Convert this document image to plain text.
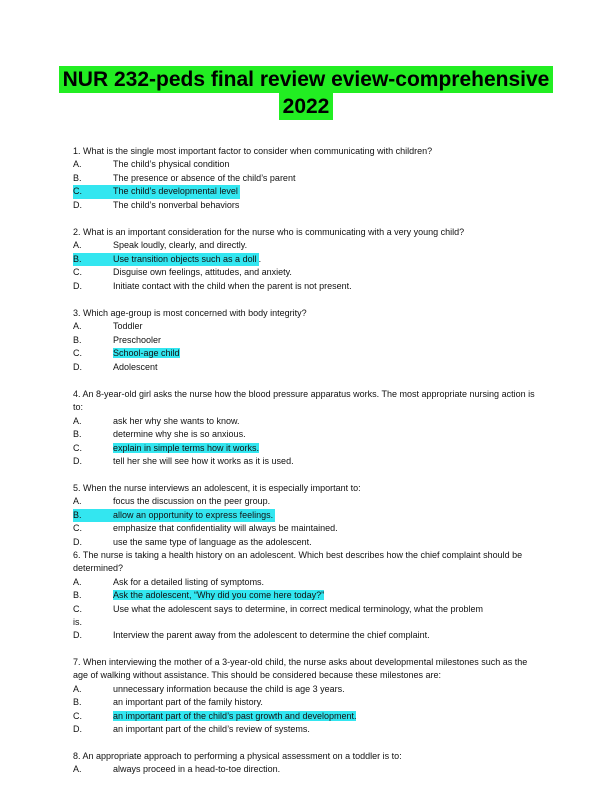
NUR 232-peds final review eview-comprehensive
2022

1. What is the single most important factor to consider when communicating with children?

A.	The child’s physical condition
B.	The presence or absence of the child’s parent
C.	The child’s developmental level
D.	The child’s nonverbal behaviors

2. What is an important consideration for the nurse who is communicating with a very young child?

A.	Speak loudly, clearly, and directly.
B.	Use transition objects such as a doll .
C.	Disguise own feelings, attitudes, and anxiety.
D.	Initiate contact with the child when the parent is not present.

3. Which age-group is most concerned with body integrity?

A.	Toddler
B.	Preschooler
C.	School-age child
D.	Adolescent

4. An 8-year-old girl asks the nurse how the blood pressure apparatus works. The most appropriate nursing action is to:

A.	ask her why she wants to know.
B.	determine why she is so anxious.
C.	explain in simple terms how it works.
D.	tell her she will see how it works as it is used.

5. When the nurse interviews an adolescent, it is especially important to:

A.	focus the discussion on the peer group.
B.	allow an opportunity to express feelings.
C.	emphasize that confidentiality will always be maintained.
D.	use the same type of language as the adolescent.

6. The nurse is taking a health history on an adolescent. Which best describes how the chief complaint should be determined?

A.	Ask for a detailed listing of symptoms.
B.	Ask the adolescent, “Why did you come here today?”
C.	Use what the adolescent says to determine, in correct medical terminology, what the problem
is.
D.	Interview the parent away from the adolescent to determine the chief complaint.

7. When interviewing the mother of a 3-year-old child, the nurse asks about developmental milestones such as the age of walking without assistance. This should be considered because these milestones are:

A.	unnecessary information because the child is age 3 years.
B.	an important part of the family history.
C.	an important part of the child’s past growth and development.
D.	an important part of the child’s review of systems.

8. An appropriate approach to performing a physical assessment on a toddler is to:

A.	always proceed in a head-to-toe direction.
